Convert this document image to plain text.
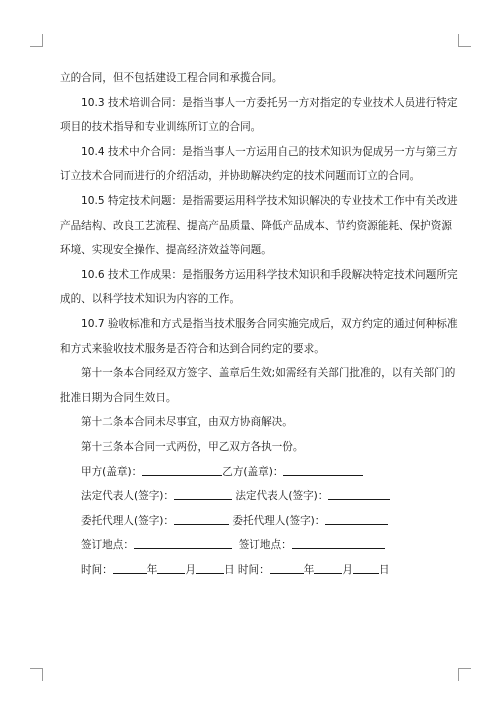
立的合同，但不包括建设工程合同和承揽合同。
10.3 技术培训合同：是指当事人一方委托另一方对指定的专业技术人员进行特定
项目的技术指导和专业训练所订立的合同。
10.4 技术中介合同：是指当事人一方运用自己的技术知识为促成另一方与第三方
订立技术合同而进行的介绍活动，并协助解决约定的技术问题而订立的合同。
10.5 特定技术问题：是指需要运用科学技术知识解决的专业技术工作中有关改进
产品结构、改良工艺流程、提高产品质量、降低产品成本、节约资源能耗、保护资源
环境、实现安全操作、提高经济效益等问题。
10.6 技术工作成果：是指服务方运用科学技术知识和手段解决特定技术问题所完
成的、以科学技术知识为内容的工作。
10.7 验收标准和方式是指当技术服务合同实施完成后，双方约定的通过何种标准
和方式来验收技术服务是否符合和达到合同约定的要求。
第十一条本合同经双方签字、盖章后生效;如需经有关部门批准的，以有关部门的
批准日期为合同生效日。
第十二条本合同未尽事宜，由双方协商解决。
第十三条本合同一式两份，甲乙双方各执一份。
甲方(盖章)：	乙方(盖章)：
法定代表人(签字)：	法定代表人(签字)：
委托代理人(签字)：	委托代理人(签字)：
签订地点：	签订地点：
时间：	年	月	日 时间：	年	月 日
